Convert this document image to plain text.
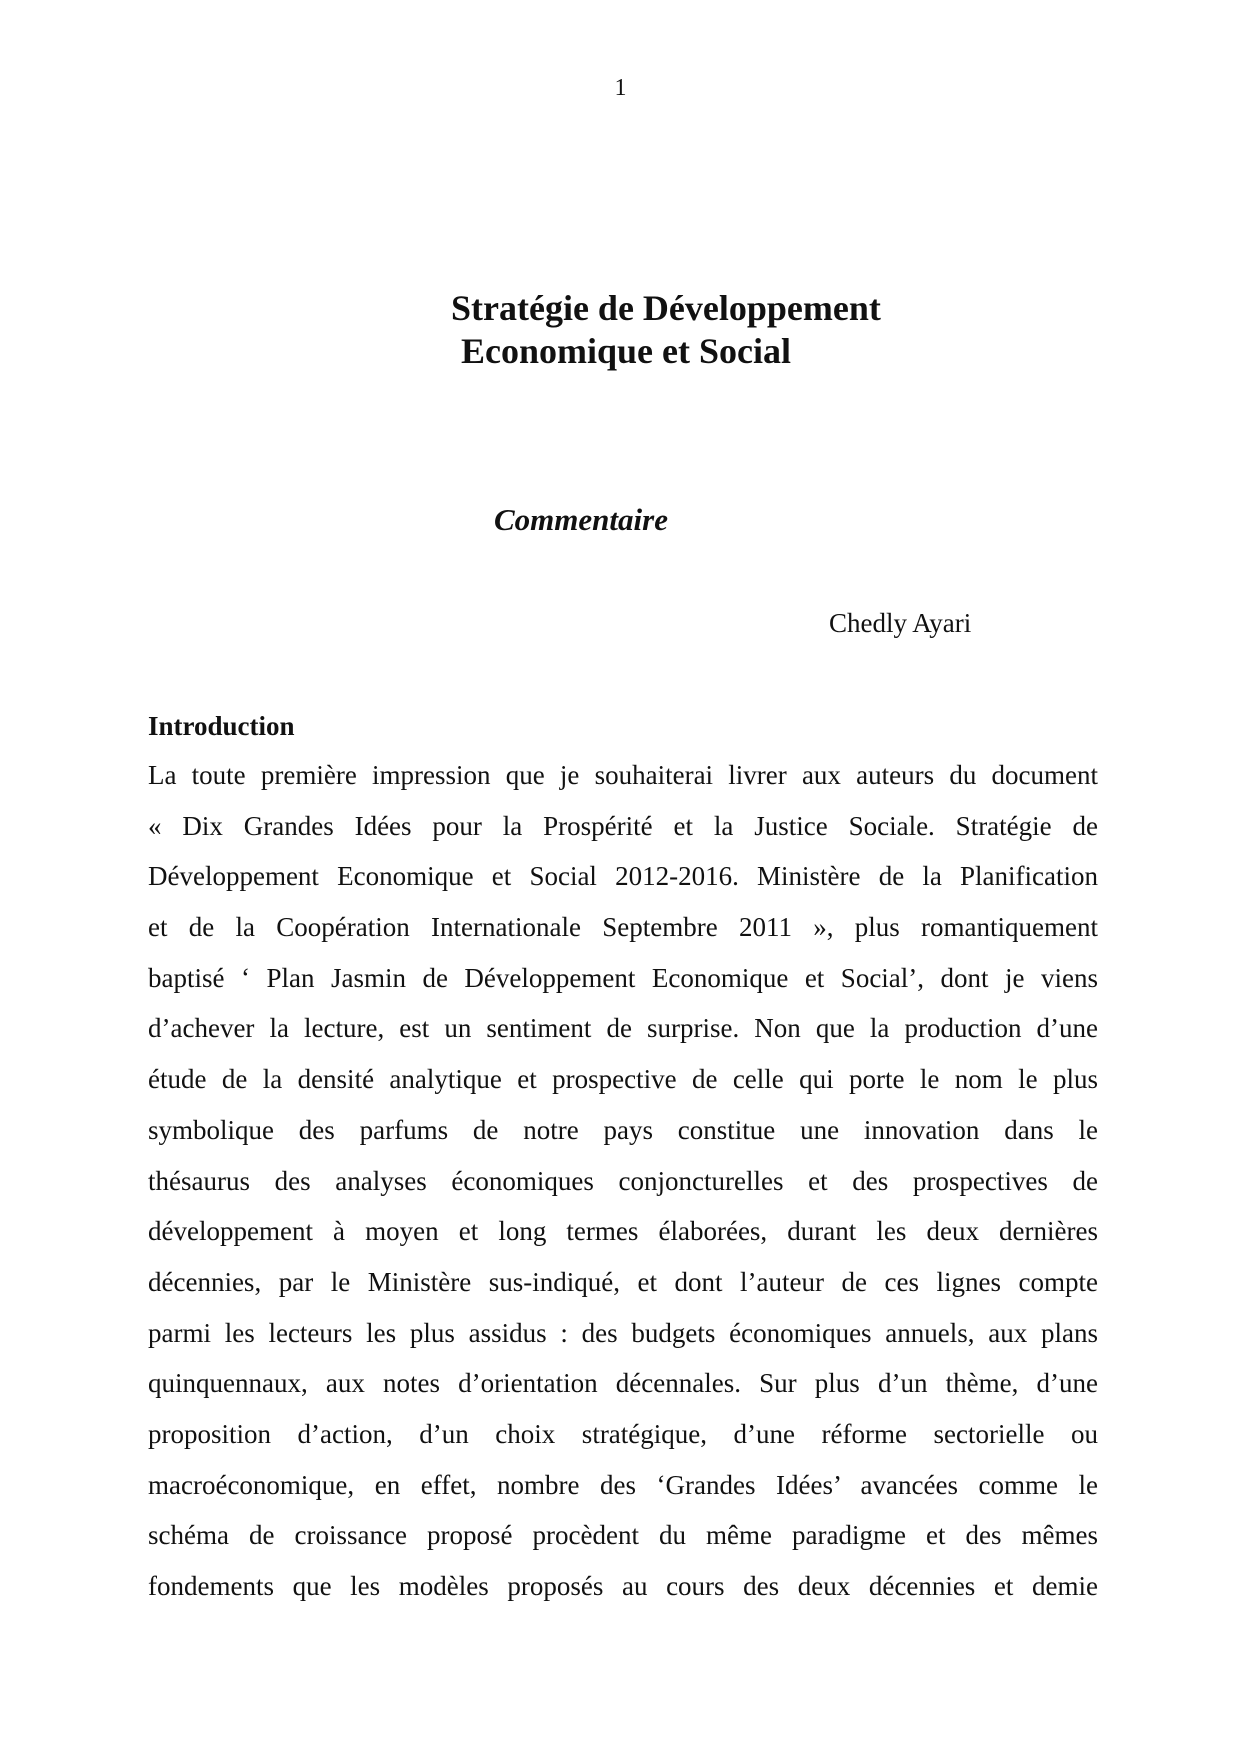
1
Stratégie de Développement
Economique et Social
Commentaire
Chedly Ayari
Introduction
La toute première impression que je souhaiterai livrer aux auteurs du document
« Dix Grandes Idées pour la Prospérité et la Justice Sociale. Stratégie de
Développement Economique et Social 2012-2016. Ministère de la Planification
et de la Coopération Internationale Septembre 2011 », plus romantiquement
baptisé ‘ Plan Jasmin de Développement Economique et Social’, dont je viens
d’achever la lecture, est un sentiment de surprise. Non que la production d’une
étude de la densité analytique et prospective de celle qui porte le nom le plus
symbolique des parfums de notre pays constitue une innovation dans le
thésaurus des analyses économiques conjoncturelles et des prospectives de
développement à moyen et long termes élaborées, durant les deux dernières
décennies, par le Ministère sus-indiqué, et dont l’auteur de ces lignes compte
parmi les lecteurs les plus assidus : des budgets économiques annuels, aux plans
quinquennaux, aux notes d’orientation décennales. Sur plus d’un thème, d’une
proposition d’action, d’un choix stratégique, d’une réforme sectorielle ou
macroéconomique, en effet, nombre des ‘Grandes Idées’ avancées comme le
schéma de croissance proposé procèdent du même paradigme et des mêmes
fondements que les modèles proposés au cours des deux décennies et demie
